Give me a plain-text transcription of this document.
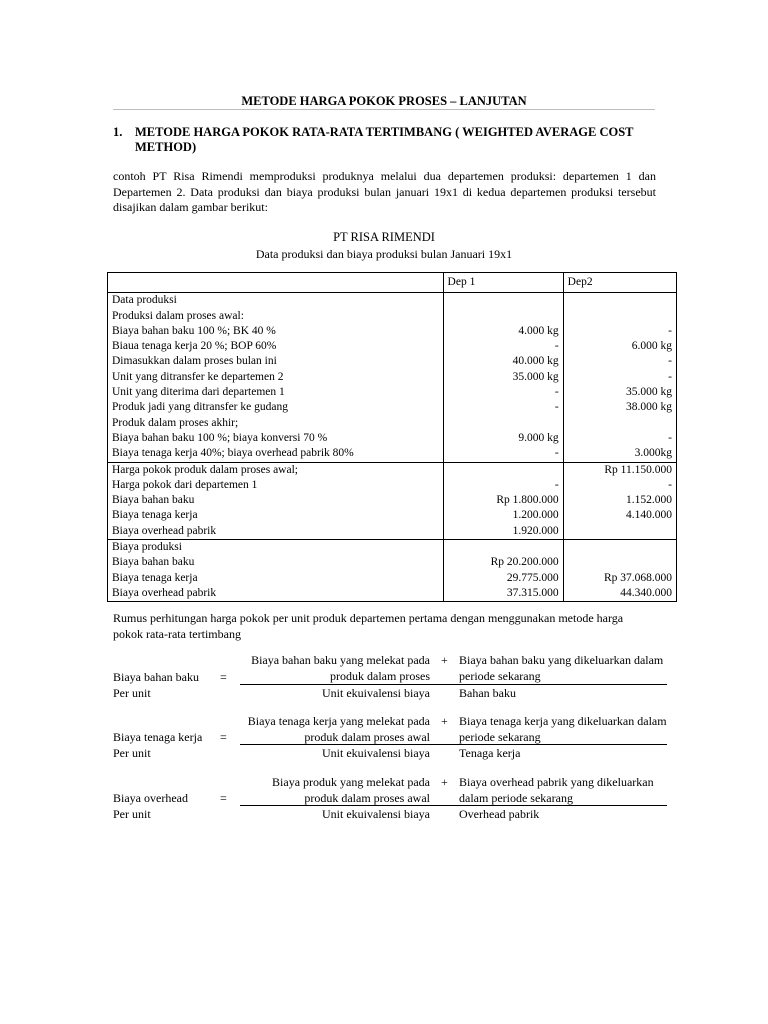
METODE HARGA POKOK PROSES – LANJUTAN
1. METODE HARGA POKOK RATA-RATA TERTIMBANG ( WEIGHTED AVERAGE COST METHOD)
contoh PT Risa Rimendi memproduksi produknya melalui dua departemen produksi: departemen 1 dan Departemen 2. Data produksi dan biaya produksi bulan januari 19x1 di kedua departemen produksi tersebut disajikan dalam gambar berikut:
PT RISA RIMENDI
Data produksi dan biaya produksi bulan Januari 19x1
	Dep 1	Dep2
Data produksi		
Produksi dalam proses awal:		
Biaya bahan baku 100 %; BK 40 %	4.000 kg	-
Biaua tenaga kerja 20 %; BOP 60%	-	6.000 kg
Dimasukkan dalam proses bulan ini	40.000 kg	-
Unit yang ditransfer ke departemen 2	35.000 kg	-
Unit yang diterima dari departemen 1	-	35.000 kg
Produk jadi yang ditransfer ke gudang	-	38.000 kg
Produk dalam proses akhir;		
Biaya bahan baku 100 %; biaya konversi 70 %	9.000 kg	-
Biaya tenaga kerja 40%; biaya overhead pabrik 80%	-	3.000kg
Harga pokok produk dalam proses awal;		Rp 11.150.000
Harga pokok dari departemen 1	-	-
Biaya bahan baku	Rp 1.800.000	1.152.000
Biaya tenaga kerja	1.200.000	4.140.000
Biaya overhead pabrik	1.920.000	
Biaya produksi		
Biaya bahan baku	Rp 20.200.000	
Biaya tenaga kerja	29.775.000	Rp 37.068.000
Biaya overhead pabrik	37.315.000	44.340.000
Rumus perhitungan harga pokok per unit produk departemen pertama dengan menggunakan metode harga pokok rata-rata tertimbang
Biaya bahan baku yang melekat pada produk dalam proses
+ Biaya bahan baku yang dikeluarkan dalam periode sekarang
Biaya bahan baku =
Per unit	Unit ekuivalensi biaya Bahan baku
Biaya tenaga kerja yang melekat pada produk dalam proses awal
+ Biaya tenaga kerja yang dikeluarkan dalam periode sekarang
Biaya tenaga kerja =
Per unit	Unit ekuivalensi biaya Tenaga kerja
Biaya produk yang melekat pada produk dalam proses awal
+ Biaya overhead pabrik yang dikeluarkan dalam periode sekarang
Biaya overhead	=
Per unit	Unit ekuivalensi biaya Overhead pabrik
